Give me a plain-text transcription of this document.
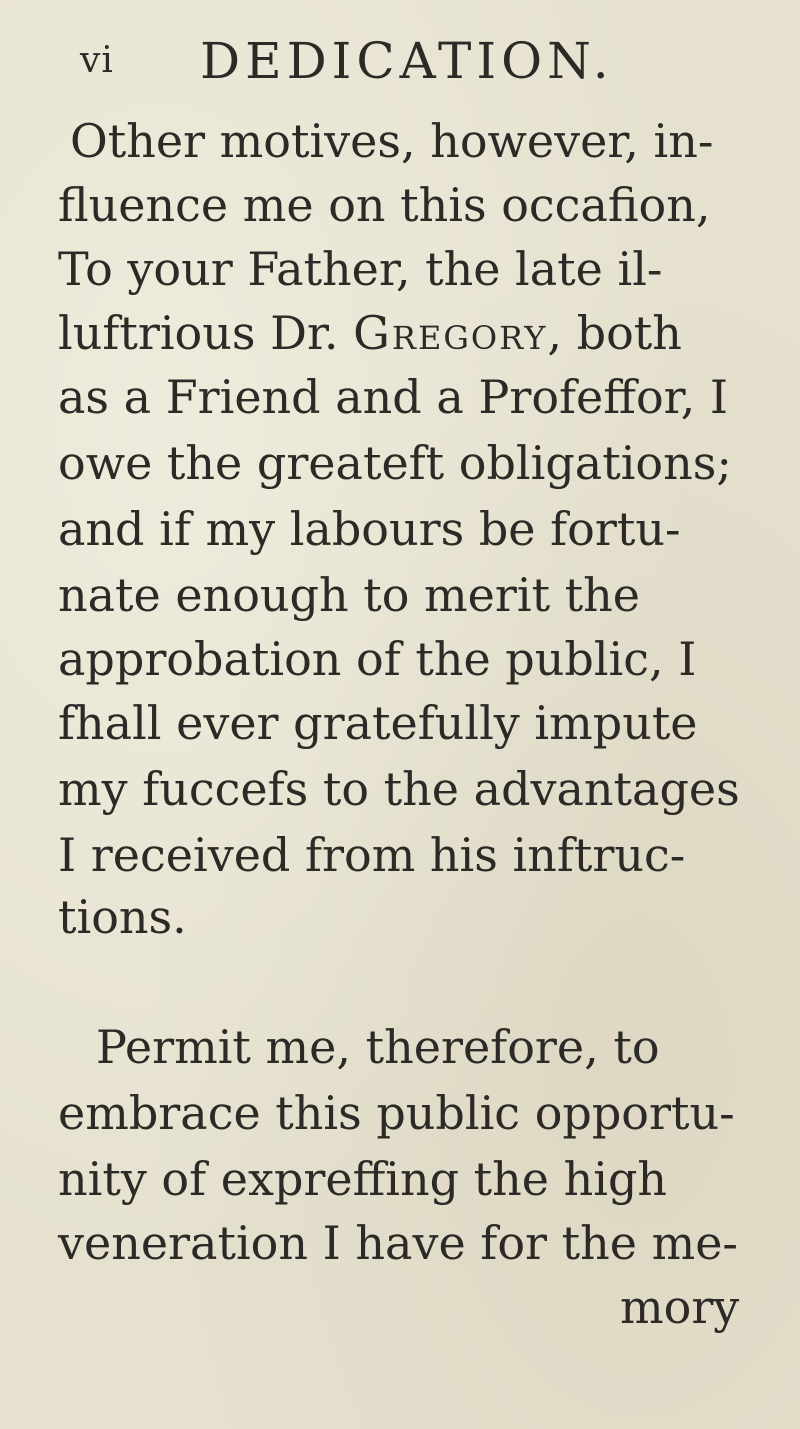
vi DEDICATION.
Other motives, however, in-
fluence me on this occafion,
To your Father, the late il-
luftrious Dr. Gregory, both
as a Friend and a Profeffor, I
owe the greateft obligations;
and if my labours be fortu-
nate enough to merit the
approbation of the public, I
fhall ever gratefully impute
my fuccefs to the advantages
I received from his inftruc-
tions.
Permit me, therefore, to
embrace this public opportu-
nity of expreffing the high
veneration I have for the me-
mory
